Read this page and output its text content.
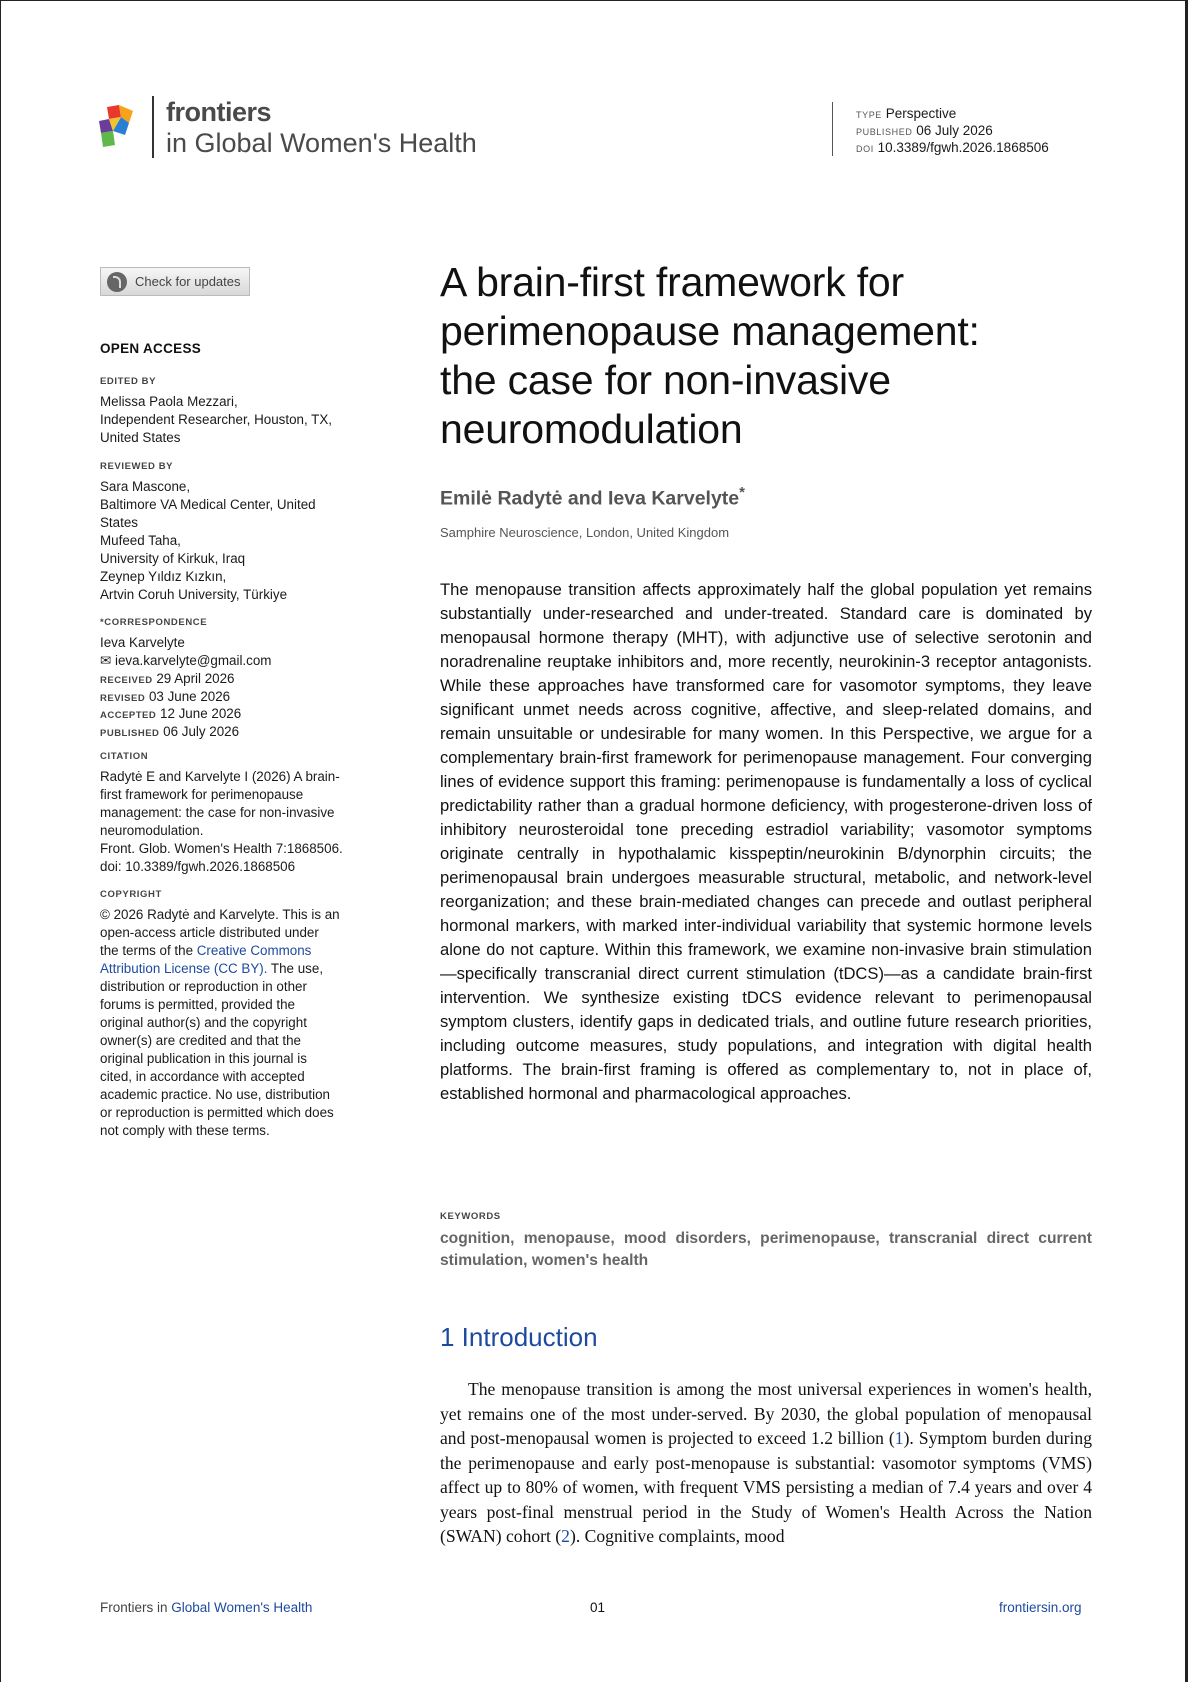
frontiers
in Global Women's Health
TYPE Perspective
PUBLISHED 06 July 2026
DOI 10.3389/fgwh.2026.1868506
Check for updates
OPEN ACCESS
EDITED BY
Melissa Paola Mezzari,
Independent Researcher, Houston, TX,
United States
REVIEWED BY
Sara Mascone,
Baltimore VA Medical Center, United
States
Mufeed Taha,
University of Kirkuk, Iraq
Zeynep Yıldız Kızkın,
Artvin Coruh University, Türkiye
*CORRESPONDENCE
Ieva Karvelyte
✉ ieva.karvelyte@gmail.com
RECEIVED 29 April 2026
REVISED 03 June 2026
ACCEPTED 12 June 2026
PUBLISHED 06 July 2026
CITATION
Radytė E and Karvelyte I (2026) A brain-
first framework for perimenopause
management: the case for non-invasive
neuromodulation.
Front. Glob. Women's Health 7:1868506.
doi: 10.3389/fgwh.2026.1868506
COPYRIGHT
© 2026 Radytė and Karvelyte. This is an
open-access article distributed under
the terms of the Creative Commons
Attribution License (CC BY). The use,
distribution or reproduction in other
forums is permitted, provided the
original author(s) and the copyright
owner(s) are credited and that the
original publication in this journal is
cited, in accordance with accepted
academic practice. No use, distribution
or reproduction is permitted which does
not comply with these terms.
A brain-first framework for
perimenopause management:
the case for non-invasive
neuromodulation
Emilė Radytė and Ieva Karvelyte*
Samphire Neuroscience, London, United Kingdom
The menopause transition affects approximately half the global population yet remains substantially under-researched and under-treated. Standard care is dominated by menopausal hormone therapy (MHT), with adjunctive use of selective serotonin and noradrenaline reuptake inhibitors and, more recently, neurokinin-3 receptor antagonists. While these approaches have transformed care for vasomotor symptoms, they leave significant unmet needs across cognitive, affective, and sleep-related domains, and remain unsuitable or undesirable for many women. In this Perspective, we argue for a complementary brain-first framework for perimenopause management. Four converging lines of evidence support this framing: perimenopause is fundamentally a loss of cyclical predictability rather than a gradual hormone deficiency, with progesterone-driven loss of inhibitory neurosteroidal tone preceding estradiol variability; vasomotor symptoms originate centrally in hypothalamic kisspeptin/neurokinin B/dynorphin circuits; the perimenopausal brain undergoes measurable structural, metabolic, and network-level reorganization; and these brain-mediated changes can precede and outlast peripheral hormonal markers, with marked inter-individual variability that systemic hormone levels alone do not capture. Within this framework, we examine non-invasive brain stimulation—specifically transcranial direct current stimulation (tDCS)—as a candidate brain-first intervention. We synthesize existing tDCS evidence relevant to perimenopausal symptom clusters, identify gaps in dedicated trials, and outline future research priorities, including outcome measures, study populations, and integration with digital health platforms. The brain-first framing is offered as complementary to, not in place of, established hormonal and pharmacological approaches.
KEYWORDS
cognition, menopause, mood disorders, perimenopause, transcranial direct current stimulation, women's health
1 Introduction

The menopause transition is among the most universal experiences in women's health, yet remains one of the most under-served. By 2030, the global population of menopausal and post-menopausal women is projected to exceed 1.2 billion (1). Symptom burden during the perimenopause and early post-menopause is substantial: vasomotor symptoms (VMS) affect up to 80% of women, with frequent VMS persisting a median of 7.4 years and over 4 years post-final menstrual period in the Study of Women's Health Across the Nation (SWAN) cohort (2). Cognitive complaints, mood

Frontiers in Global Women's Health	01	frontiersin.org
